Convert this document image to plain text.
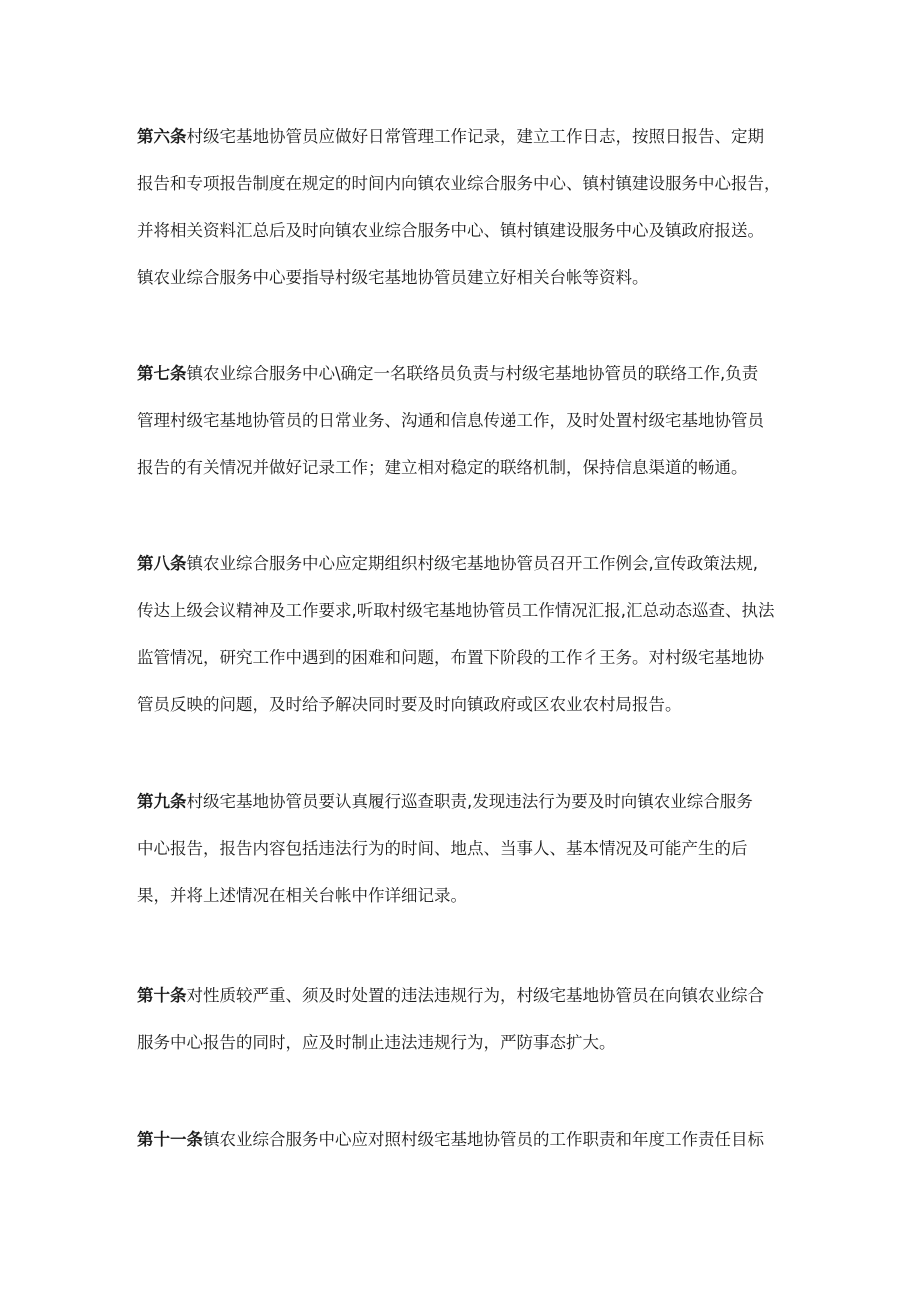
第六条村级宅基地协管员应做好日常管理工作记录，建立工作日志，按照日报告、定期
报告和专项报告制度在规定的时间内向镇农业综合服务中心、镇村镇建设服务中心报告，
并将相关资料汇总后及时向镇农业综合服务中心、镇村镇建设服务中心及镇政府报送。
镇农业综合服务中心要指导村级宅基地协管员建立好相关台帐等资料。
第七条镇农业综合服务中心\确定一名联络员负责与村级宅基地协管员的联络工作,负责
管理村级宅基地协管员的日常业务、沟通和信息传递工作，及时处置村级宅基地协管员
报告的有关情况并做好记录工作；建立相对稳定的联络机制，保持信息渠道的畅通。
第八条镇农业综合服务中心应定期组织村级宅基地协管员召开工作例会,宣传政策法规,
传达上级会议精神及工作要求,听取村级宅基地协管员工作情况汇报,汇总动态巡查、执法
监管情况，研究工作中遇到的困难和问题，布置下阶段的工作彳王务。对村级宅基地协
管员反映的问题，及时给予解决同时要及时向镇政府或区农业农村局报告。
第九条村级宅基地协管员要认真履行巡查职责,发现违法行为要及时向镇农业综合服务
中心报告，报告内容包括违法行为的时间、地点、当事人、基本情况及可能产生的后
果，并将上述情况在相关台帐中作详细记录。
第十条对性质较严重、须及时处置的违法违规行为，村级宅基地协管员在向镇农业综合
服务中心报告的同时，应及时制止违法违规行为，严防事态扩大。
第十一条镇农业综合服务中心应对照村级宅基地协管员的工作职责和年度工作责任目标
